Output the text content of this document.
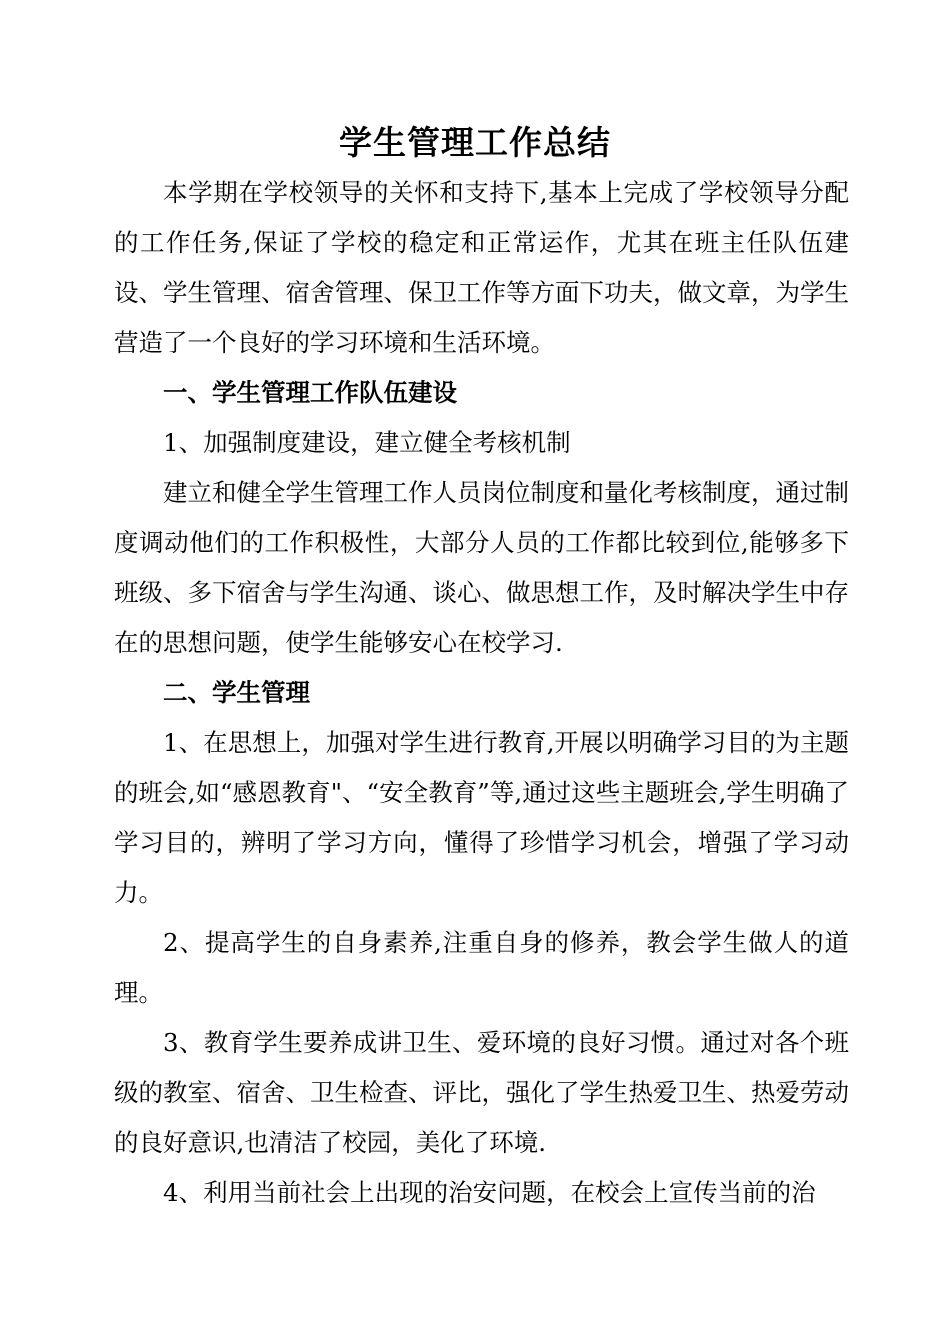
学生管理工作总结

本学期在学校领导的关怀和支持下,基本上完成了学校领导分配的工作任务,保证了学校的稳定和正常运作，尤其在班主任队伍建设、学生管理、宿舍管理、保卫工作等方面下功夫，做文章，为学生营造了一个良好的学习环境和生活环境。

一、学生管理工作队伍建设

1、加强制度建设，建立健全考核机制

建立和健全学生管理工作人员岗位制度和量化考核制度，通过制度调动他们的工作积极性，大部分人员的工作都比较到位,能够多下班级、多下宿舍与学生沟通、谈心、做思想工作，及时解决学生中存在的思想问题，使学生能够安心在校学习.

二、学生管理

1、在思想上，加强对学生进行教育,开展以明确学习目的为主题的班会,如“感恩教育"、“安全教育”等,通过这些主题班会,学生明确了学习目的，辨明了学习方向，懂得了珍惜学习机会，增强了学习动力。

2、提高学生的自身素养,注重自身的修养，教会学生做人的道理。

3、教育学生要养成讲卫生、爱环境的良好习惯。通过对各个班级的教室、宿舍、卫生检查、评比，强化了学生热爱卫生、热爱劳动的良好意识,也清洁了校园，美化了环境.

4、利用当前社会上出现的治安问题，在校会上宣传当前的治
